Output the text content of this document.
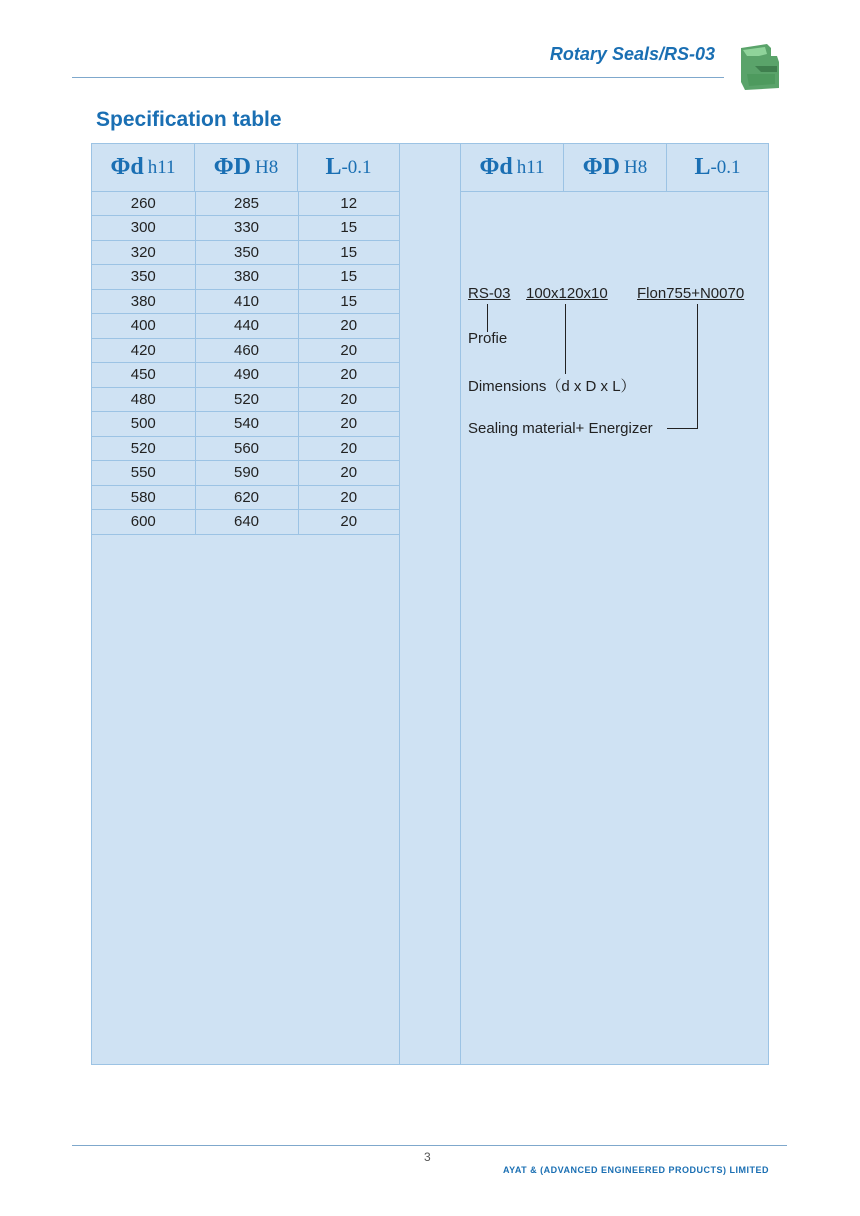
Rotary Seals/RS-03
Specification table
Φd h11 ΦD H8 L -0.1
260	285	12
300	330	15
320	350	15
350	380	15
380	410	15
400	440	20
420	460	20
450	490	20
480	520	20
500	540	20
520	560	20
550	590	20
580	620	20
600	640	20
Φd h11 ΦD H8 L -0.1
RS-03 100x120x10 Flon755+N0070
Profie
Dimensions（d x D x L）
Sealing material+ Energizer
3
AYAT & (ADVANCED ENGINEERED PRODUCTS) LIMITED
